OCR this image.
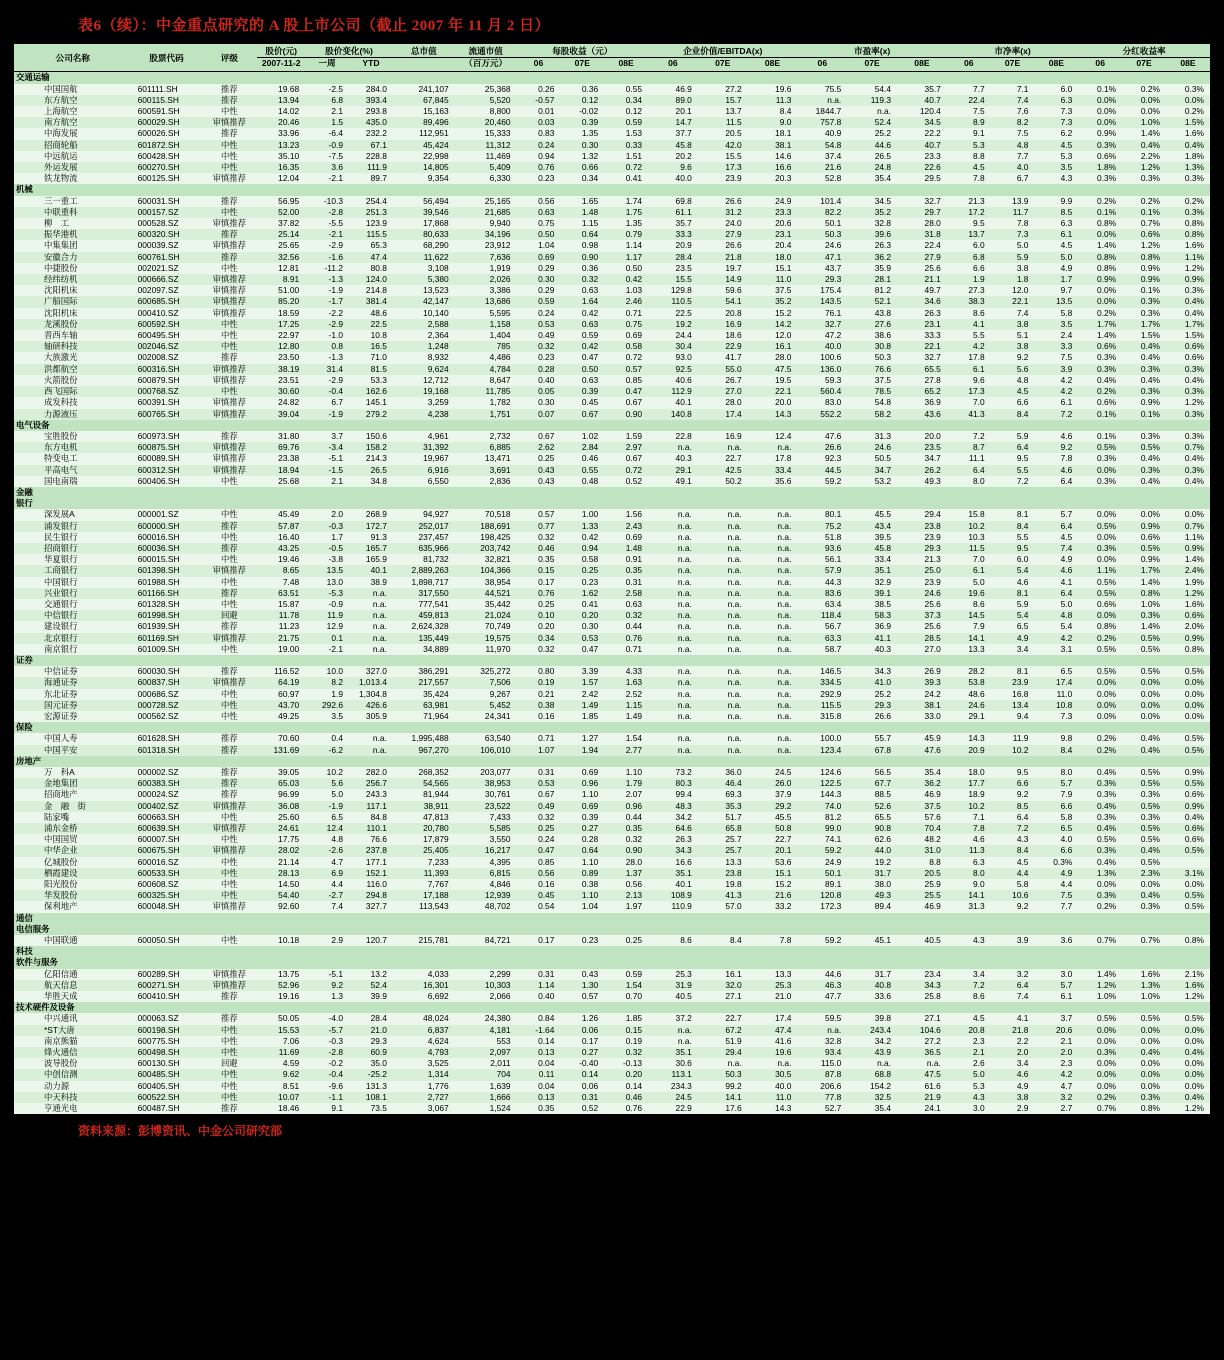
表6（续）：中金重点研究的 A 股上市公司（截止 2007 年 11 月 2 日）
公司名称	股票代码	评级	股价(元)	股价变化(%)		总市值	流通市值	每股收益（元）			企业价值/EBITDA(x)			市盈率(x)			市净率(x)			分红收益率		
			2007-11-2	一周	YTD		（百万元）	06	07E	08E	06	07E	08E	06	07E	08E	06	07E	08E	06	07E	08E
交通运输																						
中国国航	601111.SH	推荐	19.68	-2.5	284.0	241,107	25,368	0.26	0.36	0.55	46.9	27.2	19.6	75.5	54.4	35.7	7.7	7.1	6.0	0.1%	0.2%	0.3%
东方航空	600115.SH	推荐	13.94	6.8	393.4	67,845	5,520	-0.57	0.12	0.34	89.0	15.7	11.3	n.a.	119.3	40.7	22.4	7.4	6.3	0.0%	0.0%	0.0%
上海航空	600591.SH	中性	14.02	2.1	293.8	15,163	8,800	0.01	-0.02	0.12	20.1	13.7	8.4	1844.7	n.a.	120.4	7.5	7.6	7.3	0.0%	0.0%	0.2%
南方航空	600029.SH	审慎推荐	20.46	1.5	435.0	89,496	20,460	0.03	0.39	0.59	14.7	11.5	9.0	757.8	52.4	34.5	8.9	8.2	7.3	0.0%	1.0%	1.5%
中海发展	600026.SH	推荐	33.96	-6.4	232.2	112,951	15,333	0.83	1.35	1.53	37.7	20.5	18.1	40.9	25.2	22.2	9.1	7.5	6.2	0.9%	1.4%	1.6%
招商轮船	601872.SH	中性	13.23	-0.9	67.1	45,424	11,312	0.24	0.30	0.33	45.8	42.0	38.1	54.8	44.6	40.7	5.3	4.8	4.5	0.3%	0.4%	0.4%
中远航运	600428.SH	中性	35.10	-7.5	228.8	22,998	11,469	0.94	1.32	1.51	20.2	15.5	14.6	37.4	26.5	23.3	8.8	7.7	5.3	0.6%	2.2%	1.8%
外运发展	600270.SH	中性	16.35	3.6	111.9	14,805	5,409	0.76	0.66	0.72	9.6	17.3	16.6	21.6	24.8	22.6	4.5	4.0	3.5	1.8%	1.2%	1.3%
铁龙物流	600125.SH	审慎推荐	12.04	-2.1	89.7	9,354	6,330	0.23	0.34	0.41	40.0	23.9	20.3	52.8	35.4	29.5	7.8	6.7	4.3	0.3%	0.3%	0.3%
机械																						
三一重工	600031.SH	推荐	56.95	-10.3	254.4	56,494	25,165	0.56	1.65	1.74	69.8	26.6	24.9	101.4	34.5	32.7	21.3	13.9	9.9	0.2%	0.2%	0.2%
中联重科	000157.SZ	中性	52.00	-2.8	251.3	39,546	21,685	0.63	1.48	1.75	61.1	31.2	23.3	82.2	35.2	29.7	17.2	11.7	8.5	0.1%	0.1%	0.3%
柳　工	000528.SZ	审慎推荐	37.82	-5.5	123.9	17,868	9,940	0.75	1.15	1.35	35.7	24.0	20.6	50.1	32.8	28.0	9.5	7.8	6.3	0.8%	0.7%	0.8%
振华港机	600320.SH	推荐	25.14	-2.1	115.5	80,633	34,196	0.50	0.64	0.79	33.3	27.9	23.1	50.3	39.6	31.8	13.7	7.3	6.1	0.0%	0.6%	0.8%
中集集团	000039.SZ	审慎推荐	25.65	-2.9	65.3	68,290	23,912	1.04	0.98	1.14	20.9	26.6	20.4	24.6	26.3	22.4	6.0	5.0	4.5	1.4%	1.2%	1.6%
安徽合力	600761.SH	推荐	32.56	-1.6	47.4	11,622	7,636	0.69	0.90	1.17	28.4	21.8	18.0	47.1	36.2	27.9	6.8	5.9	5.0	0.8%	0.8%	1.1%
中捷股份	002021.SZ	中性	12.81	-11.2	80.8	3,108	1,919	0.29	0.36	0.50	23.5	19.7	15.1	43.7	35.9	25.6	6.6	3.8	4.9	0.8%	0.9%	1.2%
经纬纺机	000666.SZ	审慎推荐	8.91	-1.3	124.0	5,380	2,026	0.30	0.32	0.42	15.5	14.9	11.0	29.3	28.1	21.1	1.9	1.8	1.7	0.9%	0.9%	0.9%
沈阳机床	002097.SZ	审慎推荐	51.00	-1.9	214.8	13,523	3,386	0.29	0.63	1.03	129.8	59.6	37.5	175.4	81.2	49.7	27.3	12.0	9.7	0.0%	0.1%	0.3%
广船国际	600685.SH	审慎推荐	85.20	-1.7	381.4	42,147	13,686	0.59	1.64	2.46	110.5	54.1	35.2	143.5	52.1	34.6	38.3	22.1	13.5	0.0%	0.3%	0.4%
沈阳机床	000410.SZ	审慎推荐	18.59	-2.2	48.6	10,140	5,595	0.24	0.42	0.71	22.5	20.8	15.2	76.1	43.8	26.3	8.6	7.4	5.8	0.2%	0.3%	0.4%
龙溪股份	600592.SH	中性	17.25	-2.9	22.5	2,588	1,158	0.53	0.63	0.75	19.2	16.9	14.2	32.7	27.6	23.1	4.1	3.8	3.5	1.7%	1.7%	1.7%
晋西车轴	600495.SH	中性	22.97	-1.0	10.8	2,364	1,404	0.49	0.59	0.69	24.4	18.6	12.0	47.2	38.6	33.3	5.5	5.1	2.4	1.4%	1.5%	1.5%
轴研科技	002046.SZ	中性	12.80	0.8	16.5	1,248	785	0.32	0.42	0.58	30.4	22.9	16.1	40.0	30.8	22.1	4.2	3.8	3.3	0.6%	0.4%	0.6%
大族激光	002008.SZ	推荐	23.50	-1.3	71.0	8,932	4,486	0.23	0.47	0.72	93.0	41.7	28.0	100.6	50.3	32.7	17.8	9.2	7.5	0.3%	0.4%	0.6%
洪都航空	600316.SH	审慎推荐	38.19	31.4	81.5	9,624	4,784	0.28	0.50	0.57	92.5	55.0	47.5	136.0	76.6	65.5	6.1	5.6	3.9	0.3%	0.3%	0.3%
火箭股份	600879.SH	审慎推荐	23.51	-2.9	53.3	12,712	8,647	0.40	0.63	0.85	40.6	26.7	19.5	59.3	37.5	27.8	9.6	4.8	4.2	0.4%	0.4%	0.4%
西飞国际	000768.SZ	中性	30.60	-0.4	162.6	19,168	11,785	0.05	0.39	0.47	112.9	27.0	22.1	560.4	78.5	65.2	17.3	4.5	4.2	0.2%	0.3%	0.3%
成发科技	600391.SH	审慎推荐	24.82	6.7	145.1	3,259	1,782	0.30	0.45	0.67	40.1	28.0	20.0	83.0	54.8	36.9	7.0	6.6	6.1	0.6%	0.9%	1.2%
力源液压	600765.SH	审慎推荐	39.04	-1.9	279.2	4,238	1,751	0.07	0.67	0.90	140.8	17.4	14.3	552.2	58.2	43.6	41.3	8.4	7.2	0.1%	0.1%	0.3%
电气设备																						
宝胜股份	600973.SH	推荐	31.80	3.7	150.6	4,961	2,732	0.67	1.02	1.59	22.8	16.9	12.4	47.6	31.3	20.0	7.2	5.9	4.6	0.1%	0.3%	0.3%
东方电机	600875.SH	审慎推荐	69.76	-3.4	158.2	31,392	6,885	2.62	2.84	2.97	n.a.	n.a.	n.a.	26.6	24.6	23.5	8.7	6.4	9.2	0.5%	0.5%	0.7%
特变电工	600089.SH	审慎推荐	23.38	-5.1	214.3	19,967	13,471	0.25	0.46	0.67	40.3	22.7	17.8	92.3	50.5	34.7	11.1	9.5	7.8	0.3%	0.4%	0.4%
平高电气	600312.SH	审慎推荐	18.94	-1.5	26.5	6,916	3,691	0.43	0.55	0.72	29.1	42.5	33.4	44.5	34.7	26.2	6.4	5.5	4.6	0.0%	0.3%	0.3%
国电南瑞	600406.SH	中性	25.68	2.1	34.8	6,550	2,836	0.43	0.48	0.52	49.1	50.2	35.6	59.2	53.2	49.3	8.0	7.2	6.4	0.3%	0.4%	0.4%
金融																						
银行																						
深发展A	000001.SZ	中性	45.49	2.0	268.9	94,927	70,518	0.57	1.00	1.56	n.a.	n.a.	n.a.	80.1	45.5	29.4	15.8	8.1	5.7	0.0%	0.0%	0.0%
浦发银行	600000.SH	推荐	57.87	-0.3	172.7	252,017	188,691	0.77	1.33	2.43	n.a.	n.a.	n.a.	75.2	43.4	23.8	10.2	8.4	6.4	0.5%	0.9%	0.7%
民生银行	600016.SH	中性	16.40	1.7	91.3	237,457	198,425	0.32	0.42	0.69	n.a.	n.a.	n.a.	51.8	39.5	23.9	10.3	5.5	4.5	0.0%	0.6%	1.1%
招商银行	600036.SH	推荐	43.25	-0.5	165.7	635,966	203,742	0.46	0.94	1.48	n.a.	n.a.	n.a.	93.6	45.8	29.3	11.5	9.5	7.4	0.3%	0.5%	0.9%
华夏银行	600015.SH	中性	19.46	-3.8	165.9	81,732	32,821	0.35	0.58	0.91	n.a.	n.a.	n.a.	56.1	33.4	21.3	7.0	6.0	4.9	0.0%	0.9%	1.4%
工商银行	601398.SH	审慎推荐	8.65	13.5	40.1	2,889,263	104,366	0.15	0.25	0.35	n.a.	n.a.	n.a.	57.9	35.1	25.0	6.1	5.4	4.6	1.1%	1.7%	2.4%
中国银行	601988.SH	中性	7.48	13.0	38.9	1,898,717	38,954	0.17	0.23	0.31	n.a.	n.a.	n.a.	44.3	32.9	23.9	5.0	4.6	4.1	0.5%	1.4%	1.9%
兴业银行	601166.SH	推荐	63.51	-5.3	n.a.	317,550	44,521	0.76	1.62	2.58	n.a.	n.a.	n.a.	83.6	39.1	24.6	19.6	8.1	6.4	0.5%	0.8%	1.2%
交通银行	601328.SH	中性	15.87	-0.9	n.a.	777,541	35,442	0.25	0.41	0.63	n.a.	n.a.	n.a.	63.4	38.5	25.6	8.6	5.9	5.0	0.6%	1.0%	1.6%
中信银行	601998.SH	回避	11.78	11.9	n.a.	459,813	21,024	0.10	0.20	0.32	n.a.	n.a.	n.a.	118.4	58.3	37.3	14.5	5.4	4.8	0.0%	0.3%	0.6%
建设银行	601939.SH	推荐	11.23	12.9	n.a.	2,624,328	70,749	0.20	0.30	0.44	n.a.	n.a.	n.a.	56.7	36.9	25.6	7.9	6.5	5.4	0.8%	1.4%	2.0%
北京银行	601169.SH	审慎推荐	21.75	0.1	n.a.	135,449	19,575	0.34	0.53	0.76	n.a.	n.a.	n.a.	63.3	41.1	28.5	14.1	4.9	4.2	0.2%	0.5%	0.9%
南京银行	601009.SH	中性	19.00	-2.1	n.a.	34,889	11,970	0.32	0.47	0.71	n.a.	n.a.	n.a.	58.7	40.3	27.0	13.3	3.4	3.1	0.5%	0.5%	0.8%
证券																						
中信证券	600030.SH	推荐	116.52	10.0	327.0	386,291	325,272	0.80	3.39	4.33	n.a.	n.a.	n.a.	146.5	34.3	26.9	28.2	8.1	6.5	0.5%	0.5%	0.5%
海通证券	600837.SH	审慎推荐	64.19	8.2	1,013.4	217,557	7,506	0.19	1.57	1.63	n.a.	n.a.	n.a.	334.5	41.0	39.3	53.8	23.9	17.4	0.0%	0.0%	0.0%
东北证券	000686.SZ	中性	60.97	1.9	1,304.8	35,424	9,267	0.21	2.42	2.52	n.a.	n.a.	n.a.	292.9	25.2	24.2	48.6	16.8	11.0	0.0%	0.0%	0.0%
国元证券	000728.SZ	中性	43.70	292.6	426.6	63,981	5,452	0.38	1.49	1.15	n.a.	n.a.	n.a.	115.5	29.3	38.1	24.6	13.4	10.8	0.0%	0.0%	0.0%
宏源证券	000562.SZ	中性	49.25	3.5	305.9	71,964	24,341	0.16	1.85	1.49	n.a.	n.a.	n.a.	315.8	26.6	33.0	29.1	9.4	7.3	0.0%	0.0%	0.0%
保险																						
中国人寿	601628.SH	推荐	70.60	0.4	n.a.	1,995,488	63,540	0.71	1.27	1.54	n.a.	n.a.	n.a.	100.0	55.7	45.9	14.3	11.9	9.8	0.2%	0.4%	0.5%
中国平安	601318.SH	推荐	131.69	-6.2	n.a.	967,270	106,010	1.07	1.94	2.77	n.a.	n.a.	n.a.	123.4	67.8	47.6	20.9	10.2	8.4	0.2%	0.4%	0.5%
房地产																						
万　科A	000002.SZ	推荐	39.05	10.2	282.0	268,352	203,077	0.31	0.69	1.10	73.2	36.0	24.5	124.6	56.5	35.4	18.0	9.5	8.0	0.4%	0.5%	0.9%
金地集团	600383.SH	推荐	65.03	5.6	256.7	54,565	38,953	0.53	0.96	1.79	80.3	46.4	26.0	122.5	67.7	36.2	17.7	6.6	5.7	0.3%	0.5%	0.5%
招商地产	000024.SZ	推荐	96.99	5.0	243.3	81,944	30,761	0.67	1.10	2.07	99.4	69.3	37.9	144.3	88.5	46.9	18.9	9.2	7.9	0.3%	0.3%	0.6%
金　融　街	000402.SZ	审慎推荐	36.08	-1.9	117.1	38,911	23,522	0.49	0.69	0.96	48.3	35.3	29.2	74.0	52.6	37.5	10.2	8.5	6.6	0.4%	0.5%	0.9%
陆家嘴	600663.SH	中性	25.60	6.5	84.8	47,813	7,433	0.32	0.39	0.44	34.2	51.7	45.5	81.2	65.5	57.6	7.1	6.4	5.8	0.3%	0.3%	0.4%
浦东金桥	600639.SH	审慎推荐	24.61	12.4	110.1	20,780	5,585	0.25	0.27	0.35	64.6	65.8	50.8	99.0	90.8	70.4	7.8	7.2	6.5	0.4%	0.5%	0.6%
中国国贸	600007.SH	中性	17.75	4.8	76.6	17,879	3,550	0.24	0.28	0.32	26.3	25.7	22.7	74.1	62.6	48.2	4.6	4.3	4.0	0.5%	0.5%	0.6%
中华企业	600675.SH	审慎推荐	28.02	-2.6	237.8	25,405	16,217	0.47	0.64	0.90	34.3	25.7	20.1	59.2	44.0	31.0	11.3	8.4	6.6	0.3%	0.4%	0.5%
亿城股份	600016.SZ	中性	21.14	4.7	177.1	7,233	4,395	0.85	1.10	28.0	16.6	13.3	53.6	24.9	19.2	8.8	6.3	4.5	0.3%	0.4%	0.5%	
栖霞建设	600533.SH	中性	28.13	6.9	152.1	11,393	6,815	0.56	0.89	1.37	35.1	23.8	15.1	50.1	31.7	20.5	8.0	4.4	4.9	1.3%	2.3%	3.1%
阳光股份	600608.SZ	中性	14.50	4.4	116.0	7,767	4,846	0.16	0.38	0.56	40.1	19.8	15.2	89.1	38.0	25.9	9.0	5.8	4.4	0.0%	0.0%	0.0%
华发股份	600325.SH	中性	54.40	-2.7	294.8	17,188	12,939	0.45	1.10	2.13	108.9	41.3	21.6	120.8	49.3	25.5	14.1	10.6	7.5	0.3%	0.4%	0.5%
保利地产	600048.SH	审慎推荐	92.60	7.4	327.7	113,543	48,702	0.54	1.04	1.97	110.9	57.0	33.2	172.3	89.4	46.9	31.3	9.2	7.7	0.2%	0.3%	0.5%
通信																						
电信服务																						
中国联通	600050.SH	中性	10.18	2.9	120.7	215,781	84,721	0.17	0.23	0.25	8.6	8.4	7.8	59.2	45.1	40.5	4.3	3.9	3.6	0.7%	0.7%	0.8%
科技																						
软件与服务																						
亿阳信通	600289.SH	审慎推荐	13.75	-5.1	13.2	4,033	2,299	0.31	0.43	0.59	25.3	16.1	13.3	44.6	31.7	23.4	3.4	3.2	3.0	1.4%	1.6%	2.1%
航天信息	600271.SH	审慎推荐	52.96	9.2	52.4	16,301	10,303	1.14	1.30	1.54	31.9	32.0	25.3	46.3	40.8	34.3	7.2	6.4	5.7	1.2%	1.3%	1.6%
华胜天成	600410.SH	推荐	19.16	1.3	39.9	6,692	2,066	0.40	0.57	0.70	40.5	27.1	21.0	47.7	33.6	25.8	8.6	7.4	6.1	1.0%	1.0%	1.2%
技术硬件及设备																						
中兴通讯	000063.SZ	推荐	50.05	-4.0	28.4	48,024	24,380	0.84	1.26	1.85	37.2	22.7	17.4	59.5	39.8	27.1	4.5	4.1	3.7	0.5%	0.5%	0.5%
*ST大唐	600198.SH	中性	15.53	-5.7	21.0	6,837	4,181	-1.64	0.06	0.15	n.a.	67.2	47.4	n.a.	243.4	104.6	20.8	21.8	20.6	0.0%	0.0%	0.0%
南京熊猫	600775.SH	中性	7.06	-0.3	29.3	4,624	553	0.14	0.17	0.19	n.a.	51.9	41.6	32.8	34.2	27.2	2.3	2.2	2.1	0.0%	0.0%	0.0%
烽火通信	600498.SH	中性	11.69	-2.8	60.9	4,793	2,097	0.13	0.27	0.32	35.1	29.4	19.6	93.4	43.9	36.5	2.1	2.0	2.0	0.3%	0.4%	0.4%
波导股份	600130.SH	回避	4.59	-0.2	35.0	3,525	2,011	0.04	-0.40	-0.13	30.6	n.a.	n.a.	115.0	n.a.	n.a.	2.6	3.4	2.3	0.0%	0.0%	0.0%
中创信测	600485.SH	中性	9.62	-0.4	-25.2	1,314	704	0.11	0.14	0.20	113.1	50.3	30.5	87.8	68.8	47.5	5.0	4.6	4.2	0.0%	0.0%	0.0%
动力源	600405.SH	中性	8.51	-9.6	131.3	1,776	1,639	0.04	0.06	0.14	234.3	99.2	40.0	206.6	154.2	61.6	5.3	4.9	4.7	0.0%	0.0%	0.0%
中天科技	600522.SH	中性	10.07	-1.1	108.1	2,727	1,666	0.13	0.31	0.46	24.5	14.1	11.0	77.8	32.5	21.9	4.3	3.8	3.2	0.2%	0.3%	0.4%
亨通光电	600487.SH	推荐	18.46	9.1	73.5	3,067	1,524	0.35	0.52	0.76	22.9	17.6	14.3	52.7	35.4	24.1	3.0	2.9	2.7	0.7%	0.8%	1.2%
资料来源：彭博资讯、中金公司研究部
